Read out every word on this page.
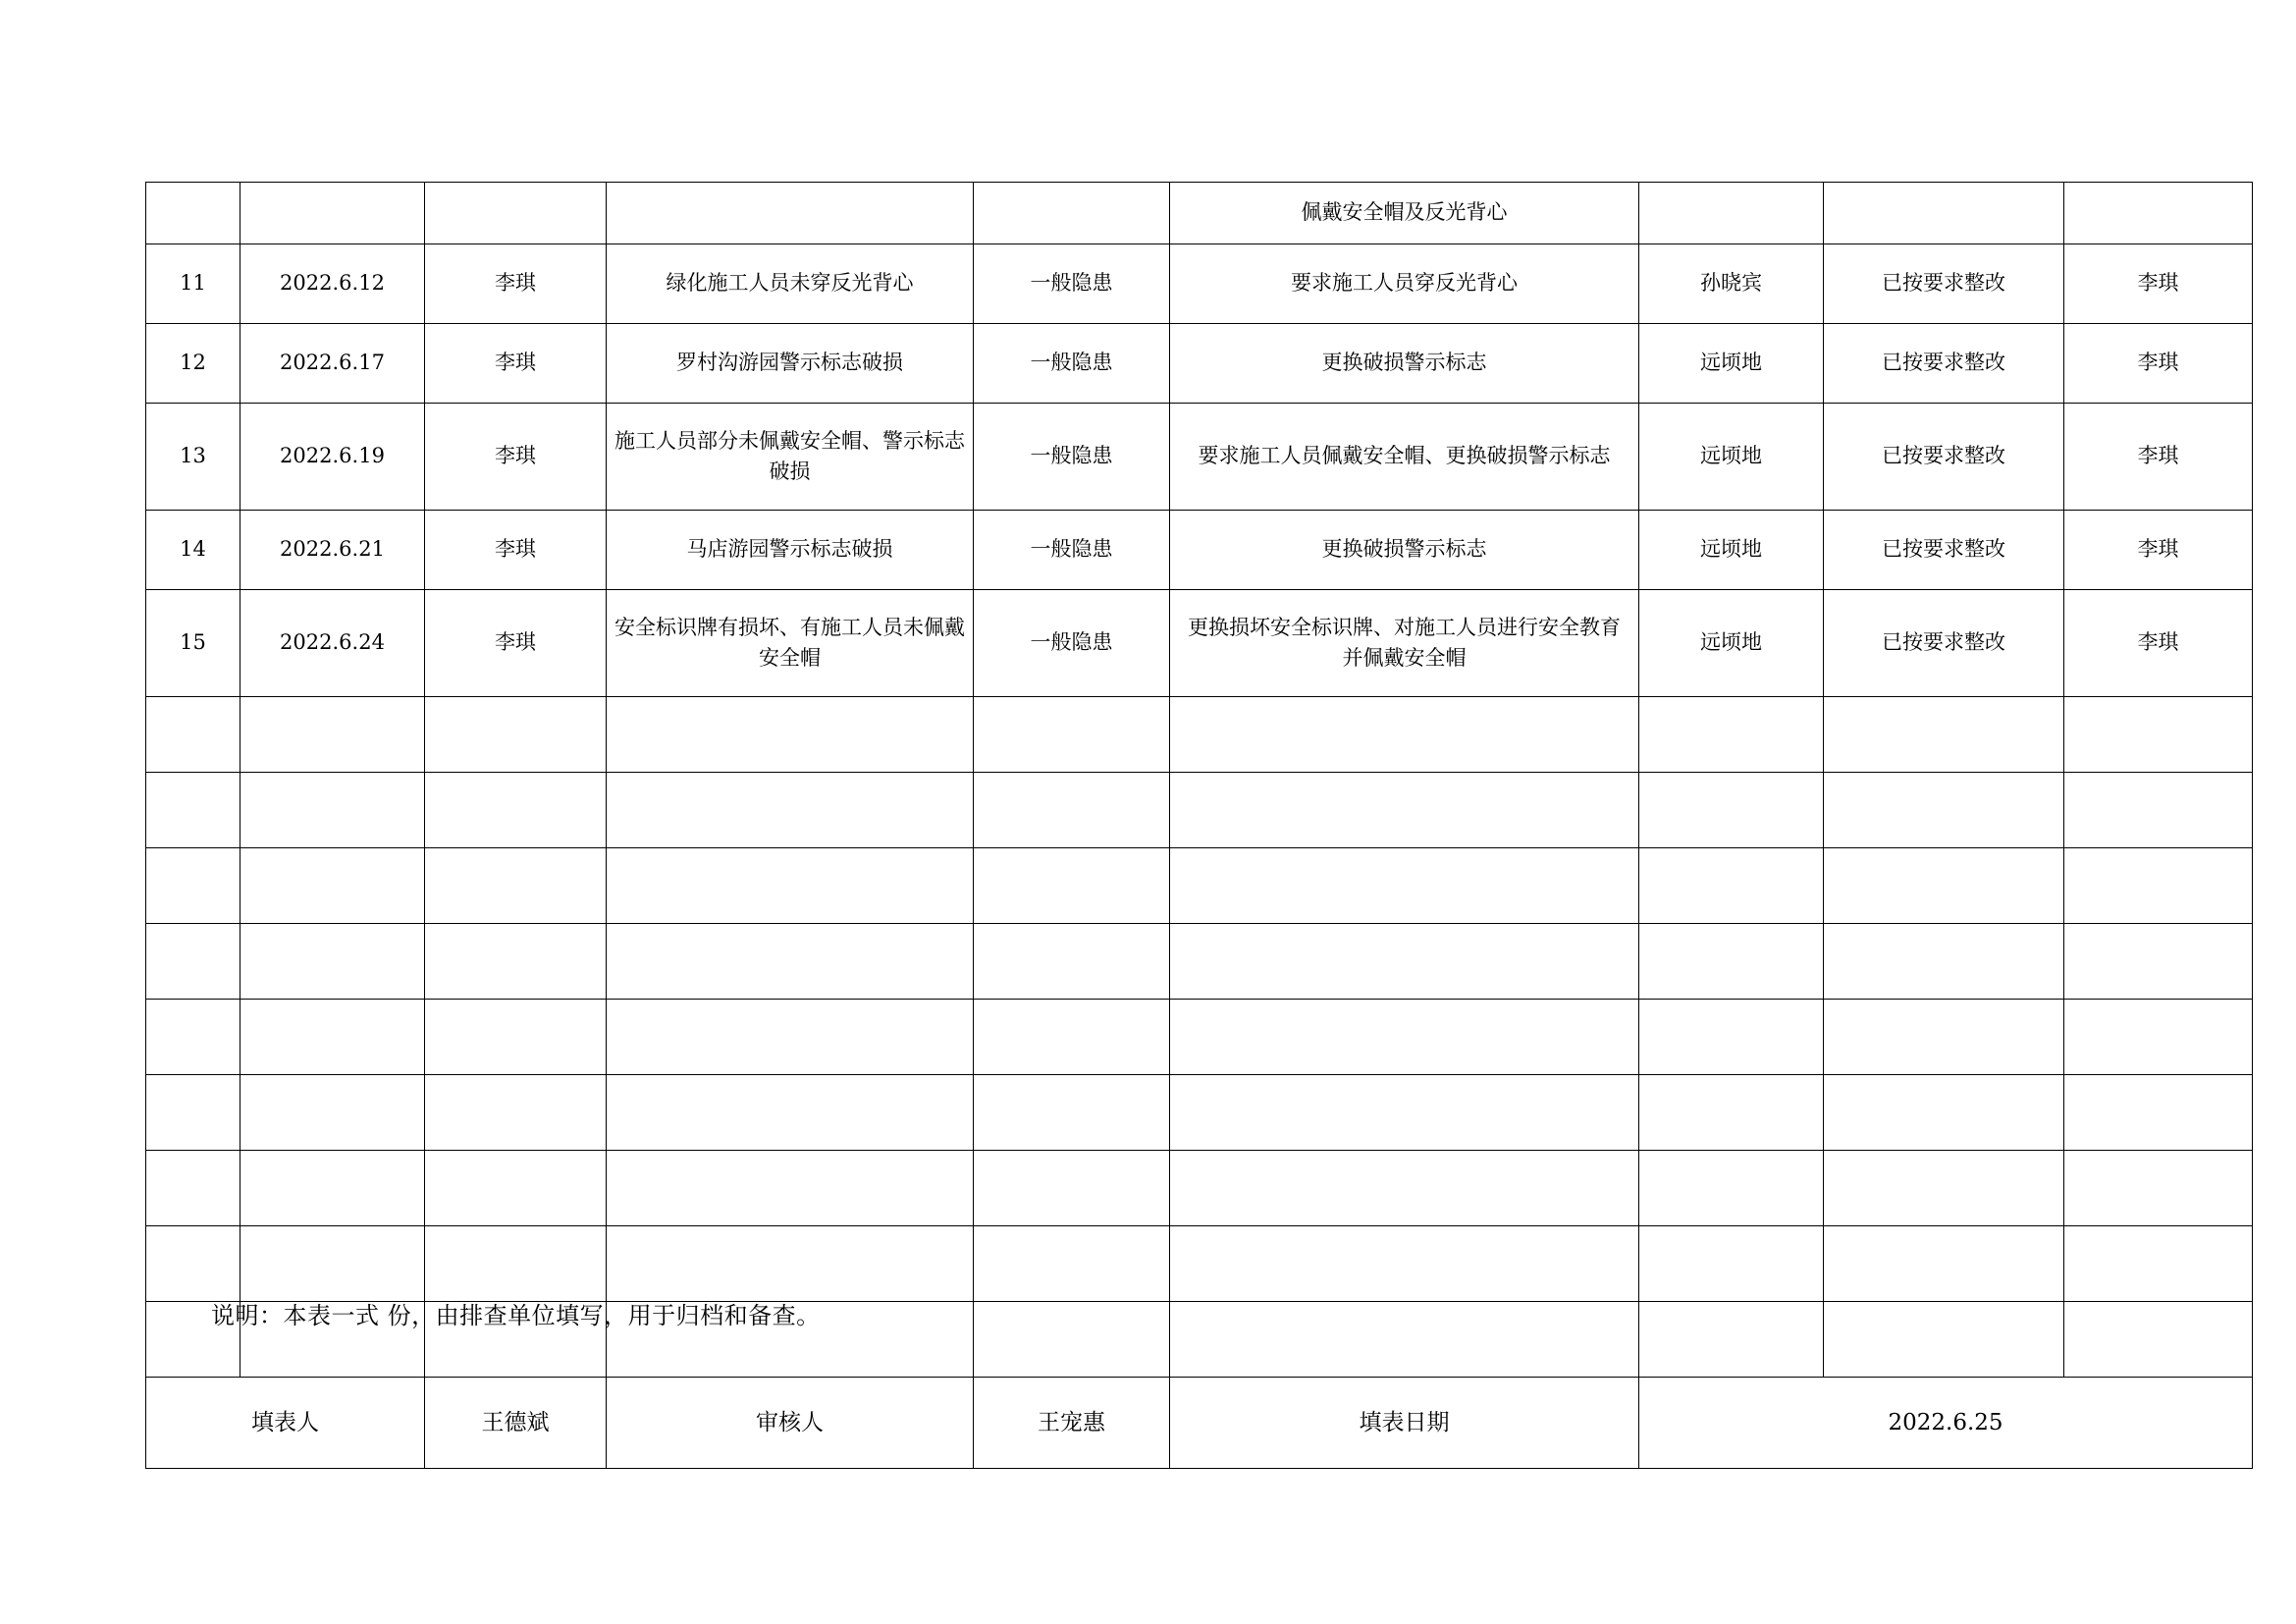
					佩戴安全帽及反光背心			
11	2022.6.12	李琪	绿化施工人员未穿反光背心	一般隐患	要求施工人员穿反光背心	孙晓宾	已按要求整改	李琪
12	2022.6.17	李琪	罗村沟游园警示标志破损	一般隐患	更换破损警示标志	远顷地	已按要求整改	李琪
13	2022.6.19	李琪	施工人员部分未佩戴安全帽、警示标志破损	一般隐患	要求施工人员佩戴安全帽、更换破损警示标志	远顷地	已按要求整改	李琪
14	2022.6.21	李琪	马店游园警示标志破损	一般隐患	更换破损警示标志	远顷地	已按要求整改	李琪
15	2022.6.24	李琪	安全标识牌有损坏、有施工人员未佩戴安全帽	一般隐患	更换损坏安全标识牌、对施工人员进行安全教育并佩戴安全帽	远顷地	已按要求整改	李琪

填表人		王德斌	审核人	王宠惠	填表日期	2022.6.25		
说明：本表一式 份，由排查单位填写，用于归档和备查。
